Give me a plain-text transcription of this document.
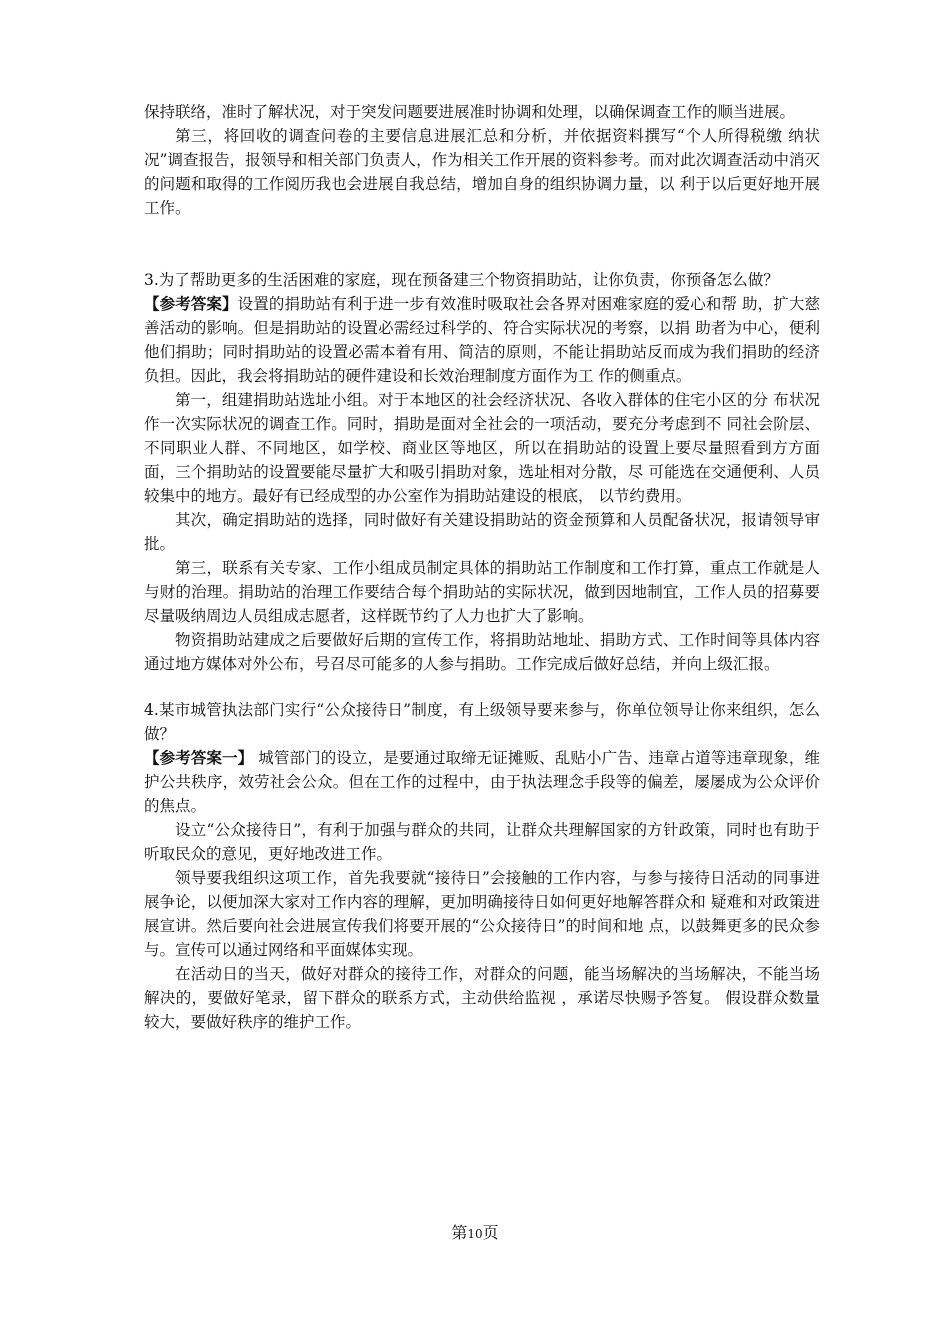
保持联络，准时了解状况，对于突发问题要进展准时协调和处理，以确保调查工作的顺当进展。

第三，将回收的调查问卷的主要信息进展汇总和分析，并依据资料撰写“个人所得税缴 纳状况”调查报告，报领导和相关部门负责人，作为相关工作开展的资料参考。而对此次调查活动中消灭的问题和取得的工作阅历我也会进展自我总结，增加自身的组织协调力量，以 利于以后更好地开展工作。

3.为了帮助更多的生活困难的家庭，现在预备建三个物资捐助站，让你负责，你预备怎么做？

【参考答案】设置的捐助站有利于进一步有效准时吸取社会各界对困难家庭的爱心和帮 助，扩大慈善活动的影响。但是捐助站的设置必需经过科学的、符合实际状况的考察，以捐 助者为中心，便利他们捐助；同时捐助站的设置必需本着有用、简洁的原则，不能让捐助站反而成为我们捐助的经济负担。因此，我会将捐助站的硬件建设和长效治理制度方面作为工 作的侧重点。

第一，组建捐助站选址小组。对于本地区的社会经济状况、各收入群体的住宅小区的分 布状况作一次实际状况的调查工作。同时，捐助是面对全社会的一项活动，要充分考虑到不 同社会阶层、不同职业人群、不同地区，如学校、商业区等地区，所以在捐助站的设置上要尽量照看到方方面面，三个捐助站的设置要能尽量扩大和吸引捐助对象，选址相对分散，尽 可能选在交通便利、人员较集中的地方。最好有已经成型的办公室作为捐助站建设的根底， 以节约费用。

其次，确定捐助站的选择，同时做好有关建设捐助站的资金预算和人员配备状况，报请领导审批。

第三，联系有关专家、工作小组成员制定具体的捐助站工作制度和工作打算，重点工作就是人与财的治理。捐助站的治理工作要结合每个捐助站的实际状况，做到因地制宜，工作人员的招募要尽量吸纳周边人员组成志愿者，这样既节约了人力也扩大了影响。

物资捐助站建成之后要做好后期的宣传工作，将捐助站地址、捐助方式、工作时间等具体内容通过地方媒体对外公布，号召尽可能多的人参与捐助。工作完成后做好总结，并向上级汇报。

4.某市城管执法部门实行“公众接待日”制度，有上级领导要来参与，你单位领导让你来组织，怎么做？

【参考答案一】 城管部门的设立，是要通过取缔无证摊贩、乱贴小广告、违章占道等违章现象，维护公共秩序，效劳社会公众。但在工作的过程中，由于执法理念手段等的偏差，屡屡成为公众评价的焦点。

设立“公众接待日”，有利于加强与群众的共同，让群众共理解国家的方针政策，同时也有助于听取民众的意见，更好地改进工作。

领导要我组织这项工作，首先我要就“接待日”会接触的工作内容，与参与接待日活动的同事进展争论，以便加深大家对工作内容的理解，更加明确接待日如何更好地解答群众和 疑难和对政策进展宣讲。然后要向社会进展宣传我们将要开展的“公众接待日”的时间和地 点，以鼓舞更多的民众参与。宣传可以通过网络和平面媒体实现。

在活动日的当天，做好对群众的接待工作，对群众的问题，能当场解决的当场解决，不能当场解决的，要做好笔录，留下群众的联系方式，主动供给监视 ，承诺尽快赐予答复。 假设群众数量较大，要做好秩序的维护工作。

第10页
